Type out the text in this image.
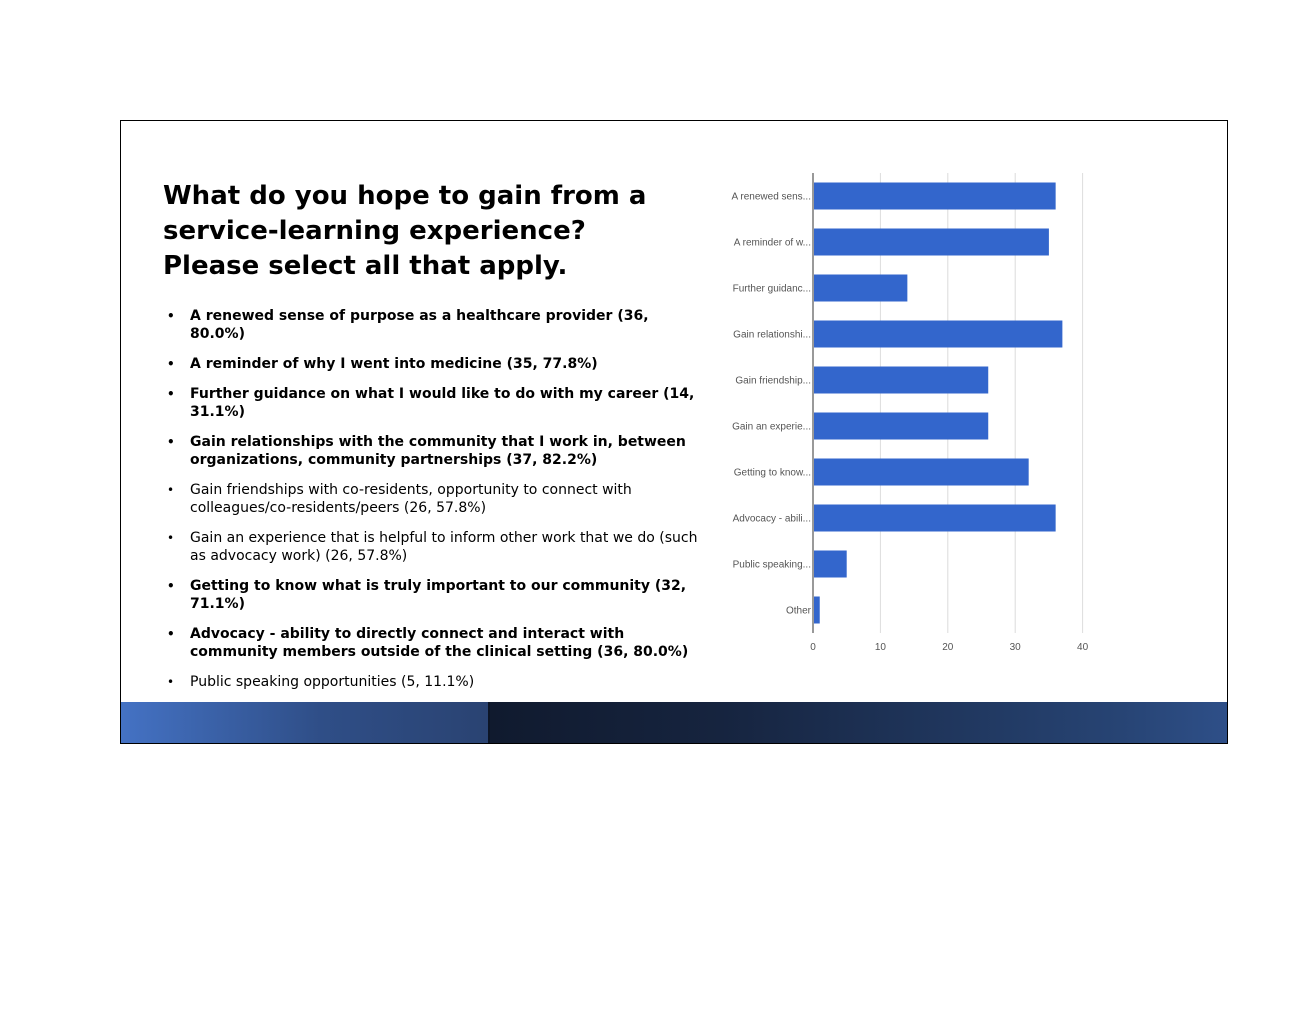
What do you hope to gain from a service-learning experience? Please select all that apply.
• A renewed sense of purpose as a healthcare provider (36, 80.0%)
• A reminder of why I went into medicine (35, 77.8%)
• Further guidance on what I would like to do with my career (14, 31.1%)
• Gain relationships with the community that I work in, between organizations, community partnerships (37, 82.2%)
• Gain friendships with co-residents, opportunity to connect with colleagues/co-residents/peers (26, 57.8%)
• Gain an experience that is helpful to inform other work that we do (such as advocacy work) (26, 57.8%)
• Getting to know what is truly important to our community (32, 71.1%)
• Advocacy - ability to directly connect and interact with community members outside of the clinical setting (36, 80.0%)
• Public speaking opportunities (5, 11.1%)
0	10	20	30	40
A renewed sens...
A reminder of w...
Further guidanc...
Gain relationshi...
Gain friendship...
Gain an experie...
Getting to know...
Advocacy - abili...
Public speaking...
Other
